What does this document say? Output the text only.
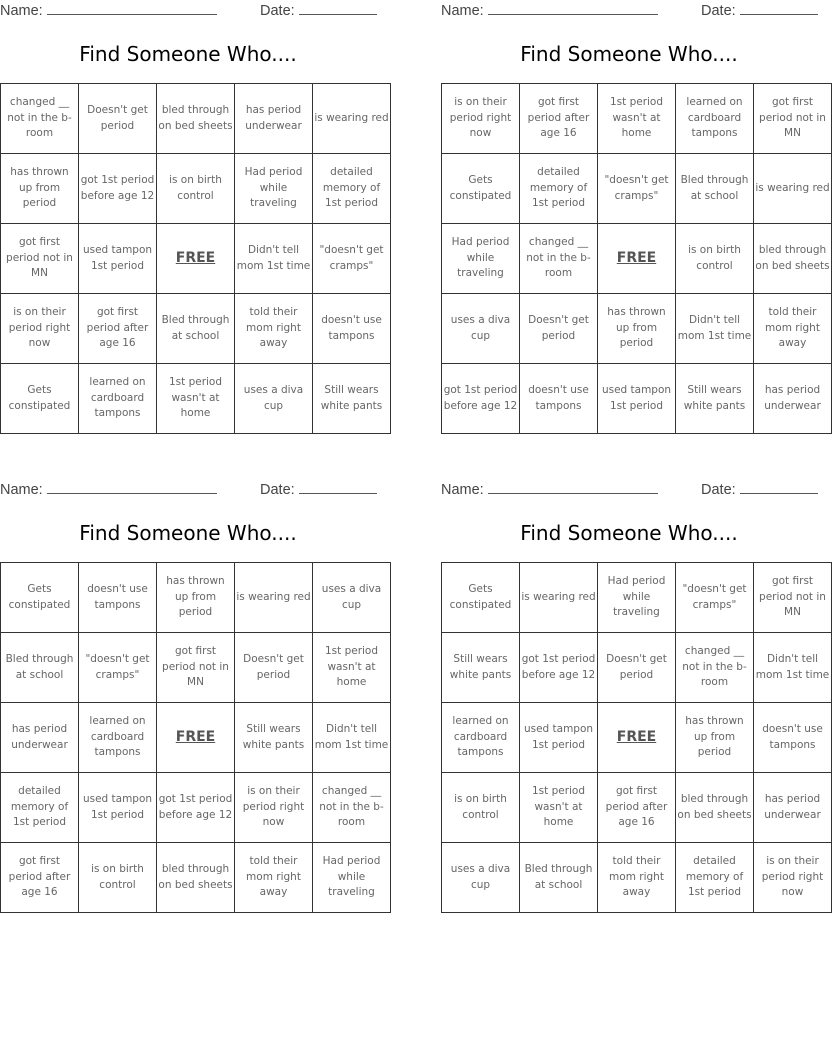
Name:	Date:
Find Someone Who....
changed __ not in the b-room	Doesn't get period	bled through on bed sheets	has period underwear	is wearing red
has thrown up from period	got 1st period before age 12	is on birth control	Had period while traveling	detailed memory of 1st period
got first period not in MN	used tampon 1st period	FREE	Didn't tell mom 1st time	"doesn't get cramps"
is on their period right now	got first period after age 16	Bled through at school	told their mom right away	doesn't use tampons
Gets constipated	learned on cardboard tampons	1st period wasn't at home	uses a diva cup	Still wears white pants
Name:	Date:
Find Someone Who....
is on their period right now	got first period after age 16	1st period wasn't at home	learned on cardboard tampons	got first period not in MN
Gets constipated	detailed memory of 1st period	"doesn't get cramps"	Bled through at school	is wearing red
Had period while traveling	changed __ not in the b-room	FREE	is on birth control	bled through on bed sheets
uses a diva cup	Doesn't get period	has thrown up from period	Didn't tell mom 1st time	told their mom right away
got 1st period before age 12	doesn't use tampons	used tampon 1st period	Still wears white pants	has period underwear
Name:	Date:
Find Someone Who....
Gets constipated	doesn't use tampons	has thrown up from period	is wearing red	uses a diva cup
Bled through at school	"doesn't get cramps"	got first period not in MN	Doesn't get period	1st period wasn't at home
has period underwear	learned on cardboard tampons	FREE	Still wears white pants	Didn't tell mom 1st time
detailed memory of 1st period	used tampon 1st period	got 1st period before age 12	is on their period right now	changed __ not in the b-room
got first period after age 16	is on birth control	bled through on bed sheets	told their mom right away	Had period while traveling
Name:	Date:
Find Someone Who....
Gets constipated	is wearing red	Had period while traveling	"doesn't get cramps"	got first period not in MN
Still wears white pants	got 1st period before age 12	Doesn't get period	changed __ not in the b-room	Didn't tell mom 1st time
learned on cardboard tampons	used tampon 1st period	FREE	has thrown up from period	doesn't use tampons
is on birth control	1st period wasn't at home	got first period after age 16	bled through on bed sheets	has period underwear
uses a diva cup	Bled through at school	told their mom right away	detailed memory of 1st period	is on their period right now
